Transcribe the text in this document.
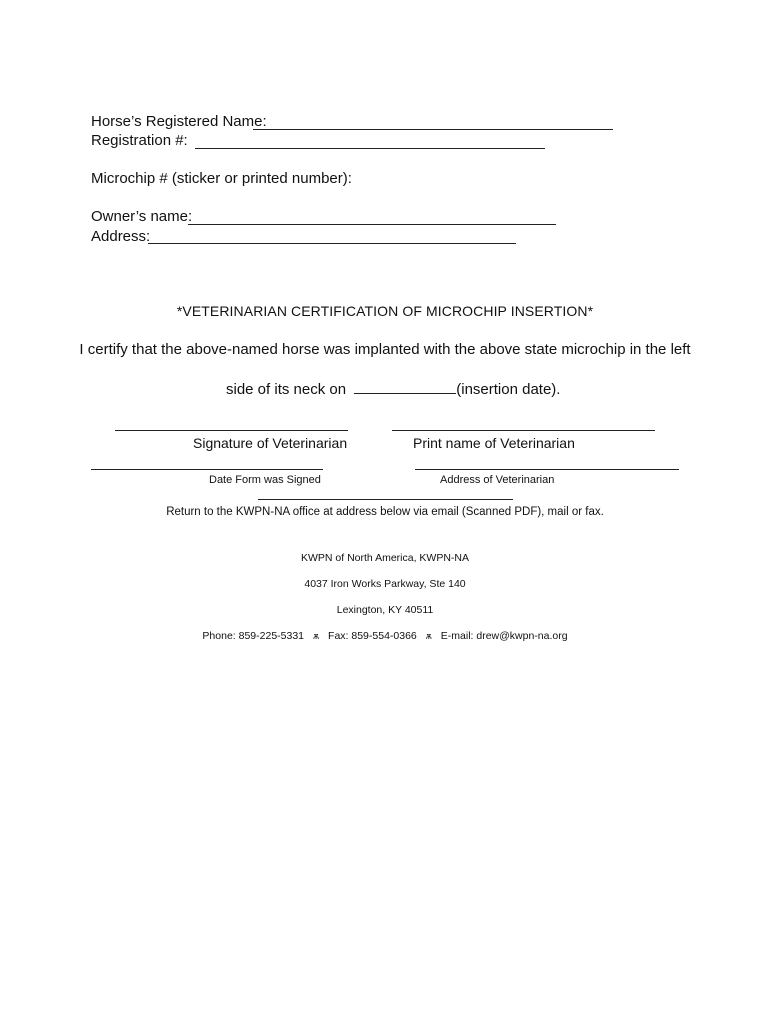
Horse’s Registered Name:
Registration #:
Microchip # (sticker or printed number):
Owner’s name:
Address:
*VETERINARIAN CERTIFICATION OF MICROCHIP INSERTION*
I certify that the above-named horse was implanted with the above state microchip in the left
side of its neck on	(insertion date).
Signature of Veterinarian	Print name of Veterinarian
Date Form was Signed	Address of Veterinarian
Return to the KWPN-NA office at address below via email (Scanned PDF), mail or fax.
KWPN of North America, KWPN-NA
4037 Iron Works Parkway, Ste 140
Lexington, KY 40511
Phone: 859-225-5331 ѫ Fax: 859-554-0366 ѫ E-mail: drew@kwpn-na.org
